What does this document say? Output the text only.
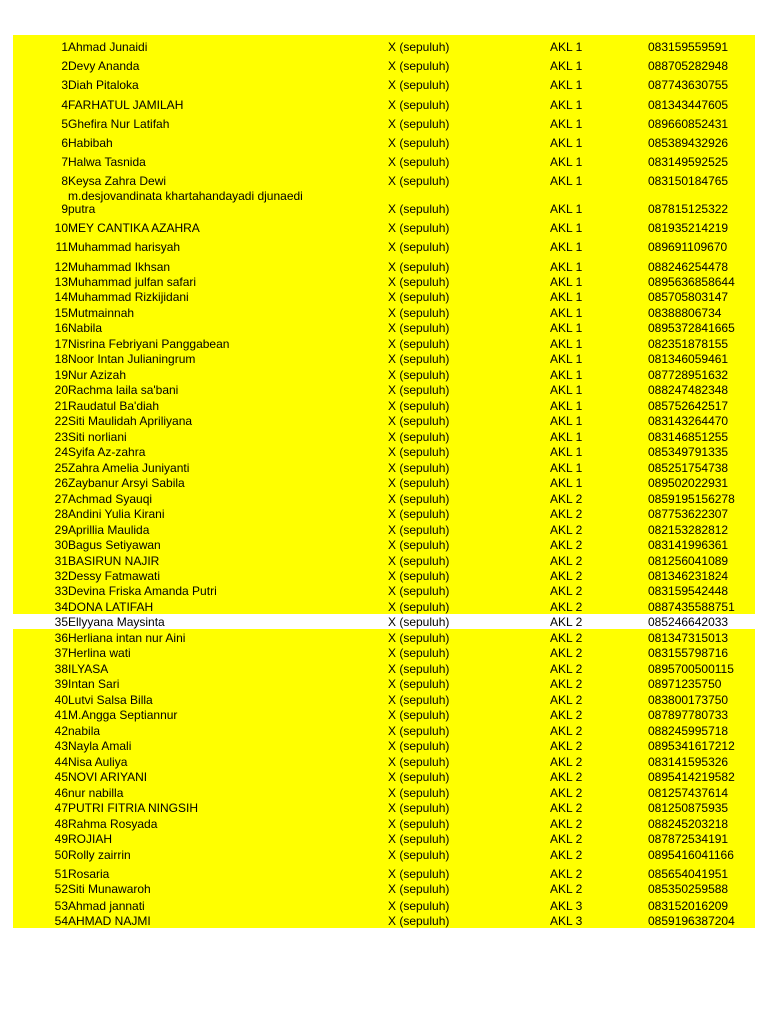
1	Ahmad Junaidi	X (sepuluh)	AKL 1	083159559591
2	Devy Ananda	X (sepuluh)	AKL 1	088705282948
3	Diah Pitaloka	X (sepuluh)	AKL 1	087743630755
4	FARHATUL JAMILAH	X (sepuluh)	AKL 1	081343447605
5	Ghefira Nur Latifah	X (sepuluh)	AKL 1	089660852431
6	Habibah	X (sepuluh)	AKL 1	085389432926
7	Halwa Tasnida	X (sepuluh)	AKL 1	083149592525
8	Keysa Zahra Dewi	X (sepuluh)	AKL 1	083150184765
9	m.desjovandinata khartahandayadi djunaedi
putra	X (sepuluh)	AKL 1	087815125322
10	MEY CANTIKA AZAHRA	X (sepuluh)	AKL 1	081935214219
11	Muhammad harisyah	X (sepuluh)	AKL 1	089691109670
12	Muhammad Ikhsan	X (sepuluh)	AKL 1	088246254478
13	Muhammad julfan safari	X (sepuluh)	AKL 1	0895636858644
14	Muhammad Rizkijidani	X (sepuluh)	AKL 1	085705803147
15	Mutmainnah	X (sepuluh)	AKL 1	08388806734
16	Nabila	X (sepuluh)	AKL 1	0895372841665
17	Nisrina Febriyani Panggabean	X (sepuluh)	AKL 1	082351878155
18	Noor Intan Julianingrum	X (sepuluh)	AKL 1	081346059461
19	Nur Azizah	X (sepuluh)	AKL 1	087728951632
20	Rachma laila sa'bani	X (sepuluh)	AKL 1	088247482348
21	Raudatul Ba'diah	X (sepuluh)	AKL 1	085752642517
22	Siti Maulidah Apriliyana	X (sepuluh)	AKL 1	083143264470
23	Siti norliani	X (sepuluh)	AKL 1	083146851255
24	Syifa Az-zahra	X (sepuluh)	AKL 1	085349791335
25	Zahra Amelia Juniyanti	X (sepuluh)	AKL 1	085251754738
26	Zaybanur Arsyi Sabila	X (sepuluh)	AKL 1	089502022931
27	Achmad Syauqi	X (sepuluh)	AKL 2	0859195156278
28	Andini Yulia Kirani	X (sepuluh)	AKL 2	087753622307
29	Aprillia Maulida	X (sepuluh)	AKL 2	082153282812
30	Bagus Setiyawan	X (sepuluh)	AKL 2	083141996361
31	BASIRUN NAJIR	X (sepuluh)	AKL 2	081256041089
32	Dessy Fatmawati	X (sepuluh)	AKL 2	081346231824
33	Devina Friska Amanda Putri	X (sepuluh)	AKL 2	083159542448
34	DONA LATIFAH	X (sepuluh)	AKL 2	0887435588751
35	Ellyyana Maysinta	X (sepuluh)	AKL 2	085246642033
36	Herliana intan nur Aini	X (sepuluh)	AKL 2	081347315013
37	Herlina wati	X (sepuluh)	AKL 2	083155798716
38	ILYASA	X (sepuluh)	AKL 2	0895700500115
39	Intan Sari	X (sepuluh)	AKL 2	08971235750
40	Lutvi Salsa Billa	X (sepuluh)	AKL 2	083800173750
41	M.Angga Septiannur	X (sepuluh)	AKL 2	087897780733
42	nabila	X (sepuluh)	AKL 2	088245995718
43	Nayla Amali	X (sepuluh)	AKL 2	0895341617212
44	Nisa Auliya	X (sepuluh)	AKL 2	083141595326
45	NOVI ARIYANI	X (sepuluh)	AKL 2	0895414219582
46	nur nabilla	X (sepuluh)	AKL 2	081257437614
47	PUTRI FITRIA NINGSIH	X (sepuluh)	AKL 2	081250875935
48	Rahma Rosyada	X (sepuluh)	AKL 2	088245203218
49	ROJIAH	X (sepuluh)	AKL 2	087872534191
50	Rolly zairrin	X (sepuluh)	AKL 2	0895416041166
51	Rosaria	X (sepuluh)	AKL 2	085654041951
52	Siti Munawaroh	X (sepuluh)	AKL 2	085350259588
53	Ahmad jannati	X (sepuluh)	AKL 3	083152016209
54	AHMAD NAJMI	X (sepuluh)	AKL 3	0859196387204
